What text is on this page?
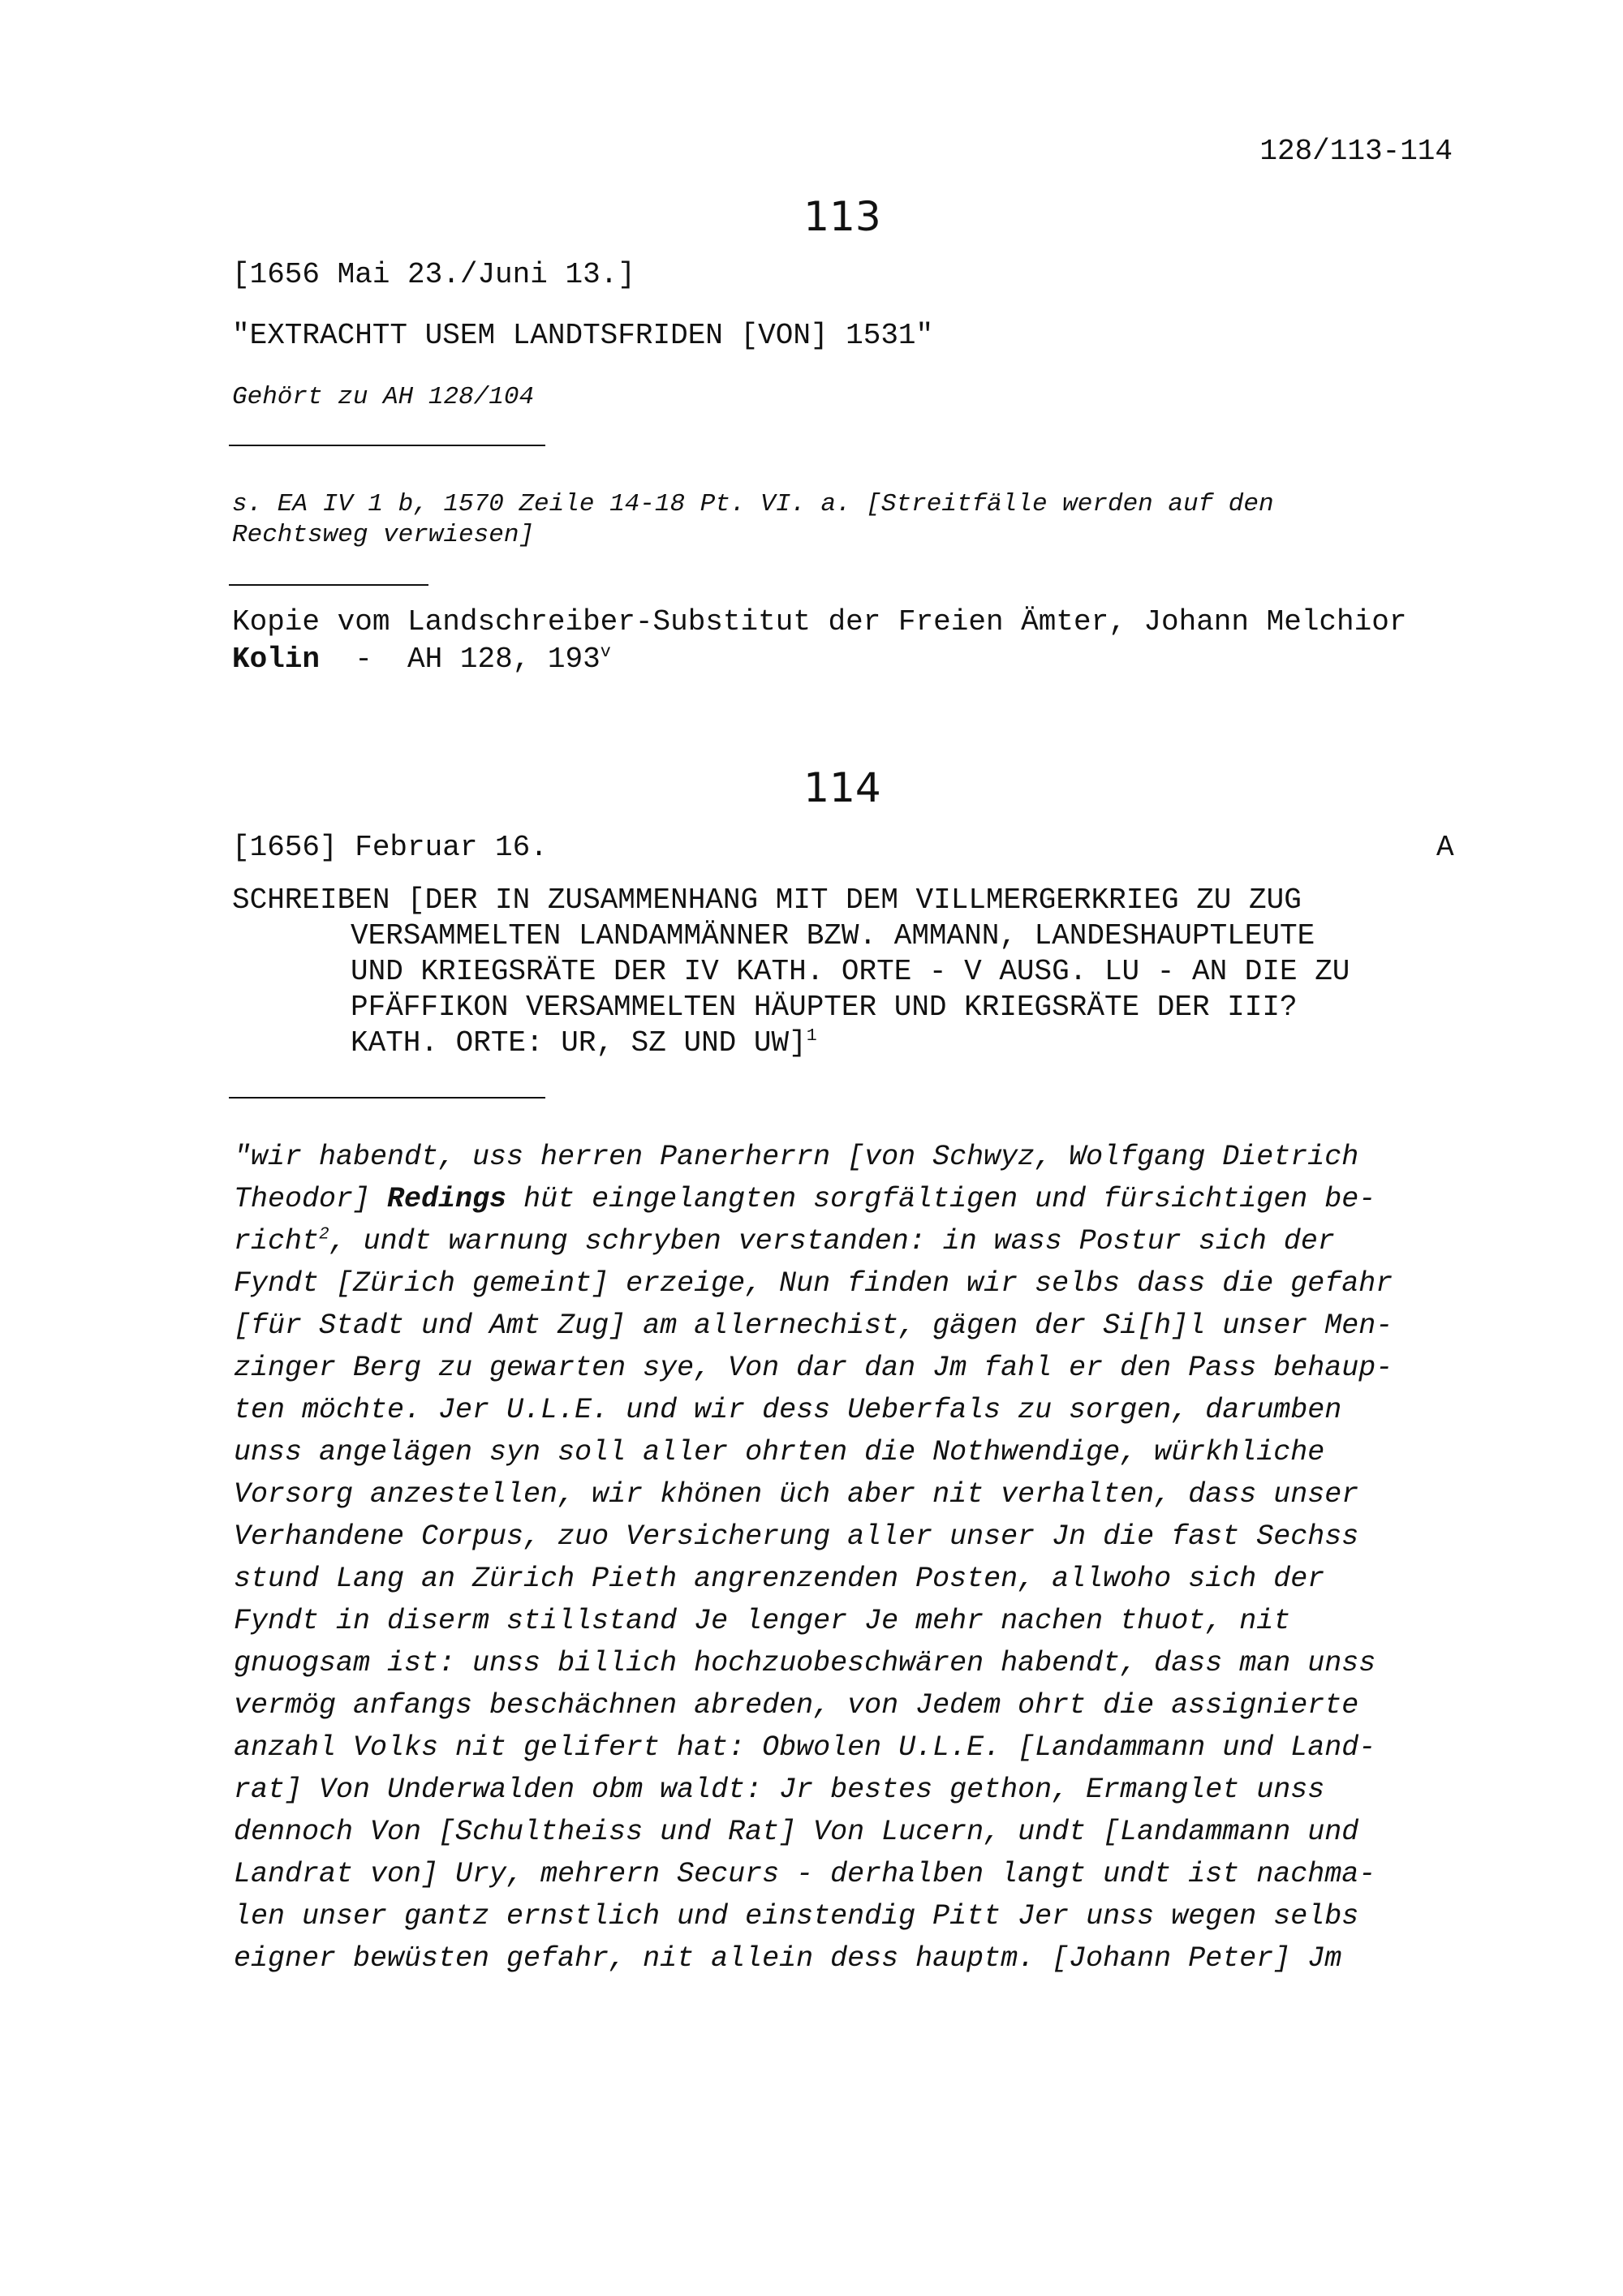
128/113-114
113
[1656 Mai 23./Juni 13.]
"EXTRACHTT USEM LANDTSFRIDEN [VON] 1531"
Gehört zu AH 128/104
s. EA IV 1 b, 1570 Zeile 14-18 Pt. VI. a. [Streitfälle werden auf den
Rechtsweg verwiesen]
Kopie vom Landschreiber-Substitut der Freien Ämter, Johann Melchior
Kolin  -  AH 128, 193$^v$
114
[1656] Februar 16.	A
SCHREIBEN [DER IN ZUSAMMENHANG MIT DEM VILLMERGERKRIEG ZU ZUG
VERSAMMELTEN LANDAMMÄNNER BZW. AMMANN, LANDESHAUPTLEUTE
UND KRIEGSRÄTE DER IV KATH. ORTE - V AUSG. LU - AN DIE ZU
PFÄFFIKON VERSAMMELTEN HÄUPTER UND KRIEGSRÄTE DER III?
KATH. ORTE: UR, SZ UND UW]$^1$
"wir habendt, uss herren Panerherrn [von Schwyz, Wolfgang Dietrich
Theodor] Redings hüt eingelangten sorgfältigen und fürsichtigen be-
richt$^2$, undt warnung schryben verstanden: in wass Postur sich der
Fyndt [Zürich gemeint] erzeige, Nun finden wir selbs dass die gefahr
[für Stadt und Amt Zug] am allernechist, gägen der Si[h]l unser Men-
zinger Berg zu gewarten sye, Von dar dan Jm fahl er den Pass behaup-
ten möchte. Jer U.L.E. und wir dess Ueberfals zu sorgen, darumben
unss angelägen syn soll aller ohrten die Nothwendige, würkhliche
Vorsorg anzestellen, wir khönen üch aber nit verhalten, dass unser
Verhandene Corpus, zuo Versicherung aller unser Jn die fast Sechss
stund Lang an Zürich Pieth angrenzenden Posten, allwoho sich der
Fyndt in diserm stillstand Je lenger Je mehr nachen thuot, nit
gnuogsam ist: unss billich hochzuobeschwären habendt, dass man unss
vermög anfangs beschächnen abreden, von Jedem ohrt die assignierte
anzahl Volks nit gelifert hat: Obwolen U.L.E. [Landammann und Land-
rat] Von Underwalden obm waldt: Jr bestes gethon, Ermanglet unss
dennoch Von [Schultheiss und Rat] Von Lucern, undt [Landammann und
Landrat von] Ury, mehrern Securs - derhalben langt undt ist nachma-
len unser gantz ernstlich und einstendig Pitt Jer unss wegen selbs
eigner bewüsten gefahr, nit allein dess hauptm. [Johann Peter] Jm
